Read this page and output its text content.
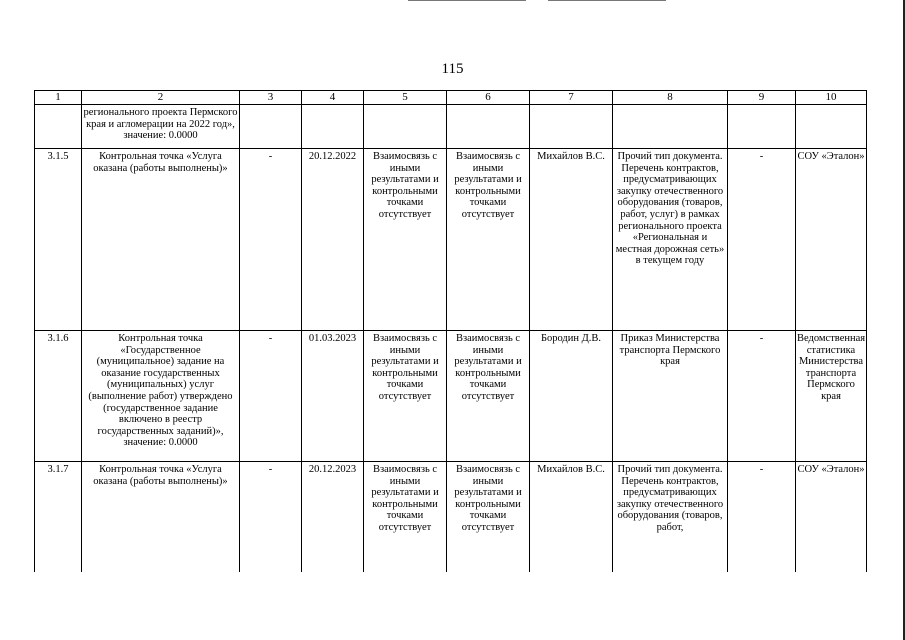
115
1	2	3	4	5	6	7	8	9	10
	регионального проекта Пермского края и агломерации на 2022 год», значение: 0.0000								
3.1.5	Контрольная точка «Услуга оказана (работы выполнены)»	-	20.12.2022	Взаимосвязь с иными результатами и контрольными точками отсутствует	Взаимосвязь с иными результатами и контрольными точками отсутствует	Михайлов В.С.	Прочий тип документа. Перечень контрактов, предусматривающих закупку отечественного оборудования (товаров, работ, услуг) в рамках регионального проекта «Региональная и местная дорожная сеть» в текущем году	-	СОУ «Эталон»
3.1.6	Контрольная точка «Государственное (муниципальное) задание на оказание государственных (муниципальных) услуг (выполнение работ) утверждено (государственное задание включено в реестр государственных заданий)», значение: 0.0000	-	01.03.2023	Взаимосвязь с иными результатами и контрольными точками отсутствует	Взаимосвязь с иными результатами и контрольными точками отсутствует	Бородин Д.В.	Приказ Министерства транспорта Пермского края	-	Ведомственная статистика Министерства транспорта Пермского края
3.1.7	Контрольная точка «Услуга оказана (работы выполнены)»	-	20.12.2023	Взаимосвязь с иными результатами и контрольными точками отсутствует	Взаимосвязь с иными результатами и контрольными точками отсутствует	Михайлов В.С.	Прочий тип документа. Перечень контрактов, предусматривающих закупку отечественного оборудования (товаров, работ,	-	СОУ «Эталон»
